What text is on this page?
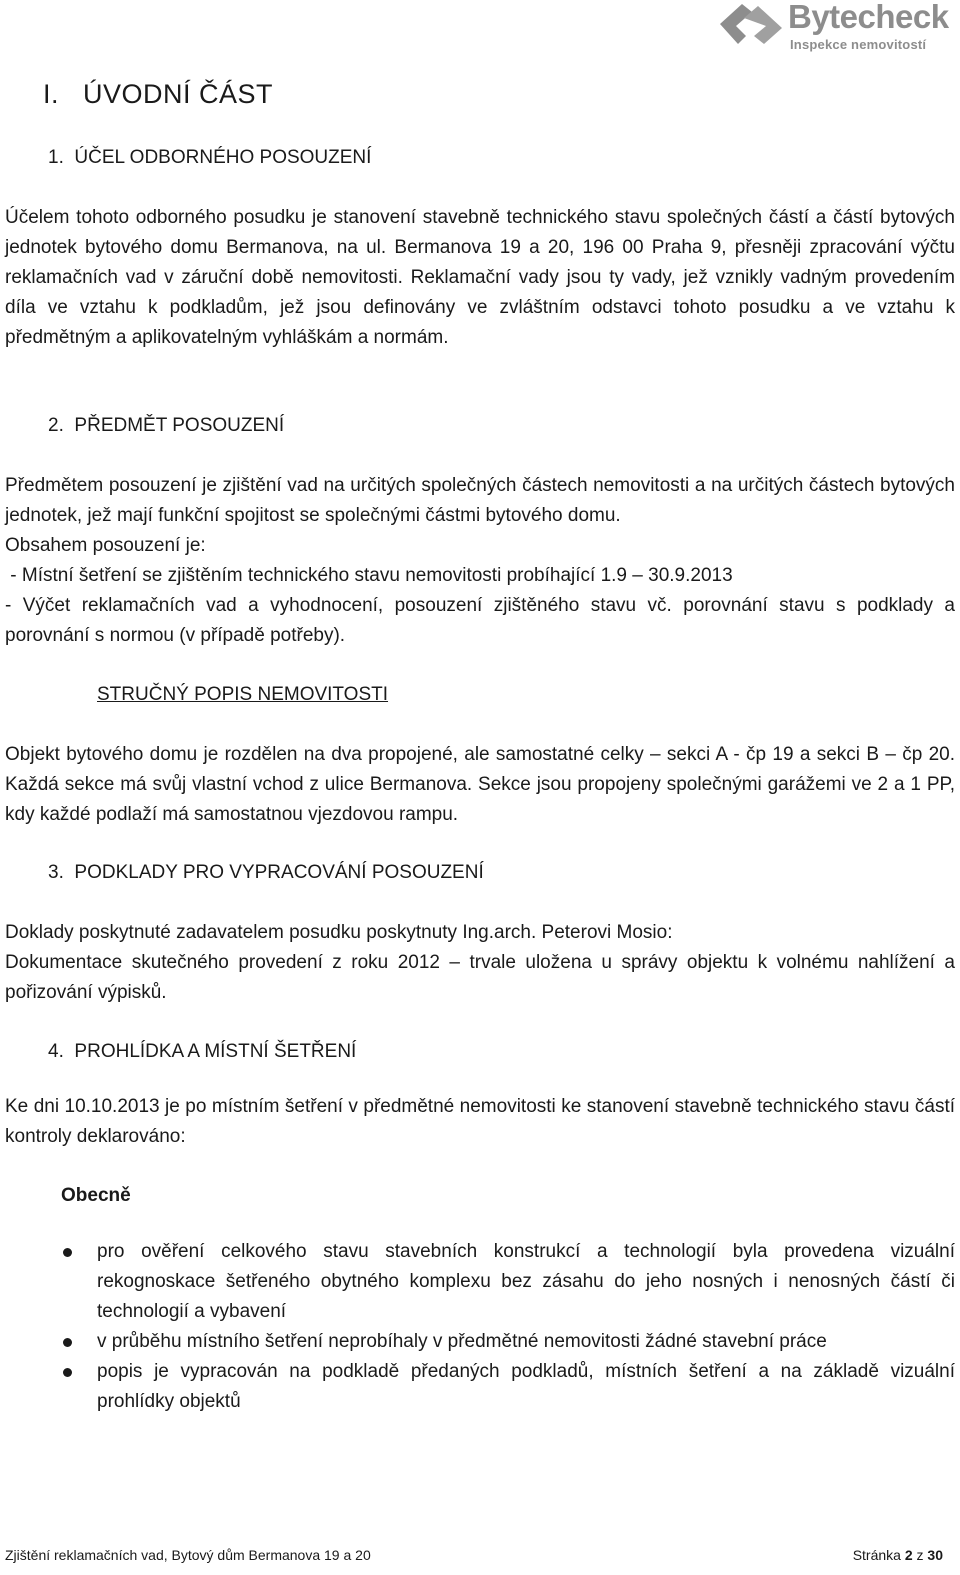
Bytecheck
Inspekce nemovitostí
I. ÚVODNÍ ČÁST
1. ÚČEL ODBORNÉHO POSOUZENÍ
Účelem tohoto odborného posudku je stanovení stavebně technického stavu společných částí a částí bytových jednotek bytového domu Bermanova, na ul. Bermanova 19 a 20, 196 00 Praha 9, přesněji zpracování výčtu reklamačních vad v záruční době nemovitosti. Reklamační vady jsou ty vady, jež vznikly vadným provedením díla ve vztahu k podkladům, jež jsou definovány ve zvláštním odstavci tohoto posudku a ve vztahu k předmětným a aplikovatelným vyhláškám a normám.
2. PŘEDMĚT POSOUZENÍ
Předmětem posouzení je zjištění vad na určitých společných částech nemovitosti a na určitých částech bytových jednotek, jež mají funkční spojitost se společnými částmi bytového domu.
Obsahem posouzení je:
- Místní šetření se zjištěním technického stavu nemovitosti probíhající 1.9 – 30.9.2013
- Výčet reklamačních vad a vyhodnocení, posouzení zjištěného stavu vč. porovnání stavu s podklady a porovnání s normou (v případě potřeby).
STRUČNÝ POPIS NEMOVITOSTI
Objekt bytového domu je rozdělen na dva propojené, ale samostatné celky – sekci A - čp 19 a sekci B – čp 20. Každá sekce má svůj vlastní vchod z ulice Bermanova. Sekce jsou propojeny společnými garážemi ve 2 a 1 PP, kdy každé podlaží má samostatnou vjezdovou rampu.
3. PODKLADY PRO VYPRACOVÁNÍ POSOUZENÍ
Doklady poskytnuté zadavatelem posudku poskytnuty Ing.arch. Peterovi Mosio:
Dokumentace skutečného provedení z roku 2012 – trvale uložena u správy objektu k volnému nahlížení a pořizování výpisků.
4. PROHLÍDKA A MÍSTNÍ ŠETŘENÍ
Ke dni 10.10.2013 je po místním šetření v předmětné nemovitosti ke stanovení stavebně technického stavu částí kontroly deklarováno:
Obecně
pro ověření celkového stavu stavebních konstrukcí a technologií byla provedena vizuální rekognoskace šetřeného obytného komplexu bez zásahu do jeho nosných i nenosných částí či technologií a vybavení
v průběhu místního šetření neprobíhaly v předmětné nemovitosti žádné stavební práce
popis je vypracován na podkladě předaných podkladů, místních šetření a na základě vizuální prohlídky objektů
Zjištění reklamačních vad, Bytový dům Bermanova 19 a 20	Stránka 2 z 30
